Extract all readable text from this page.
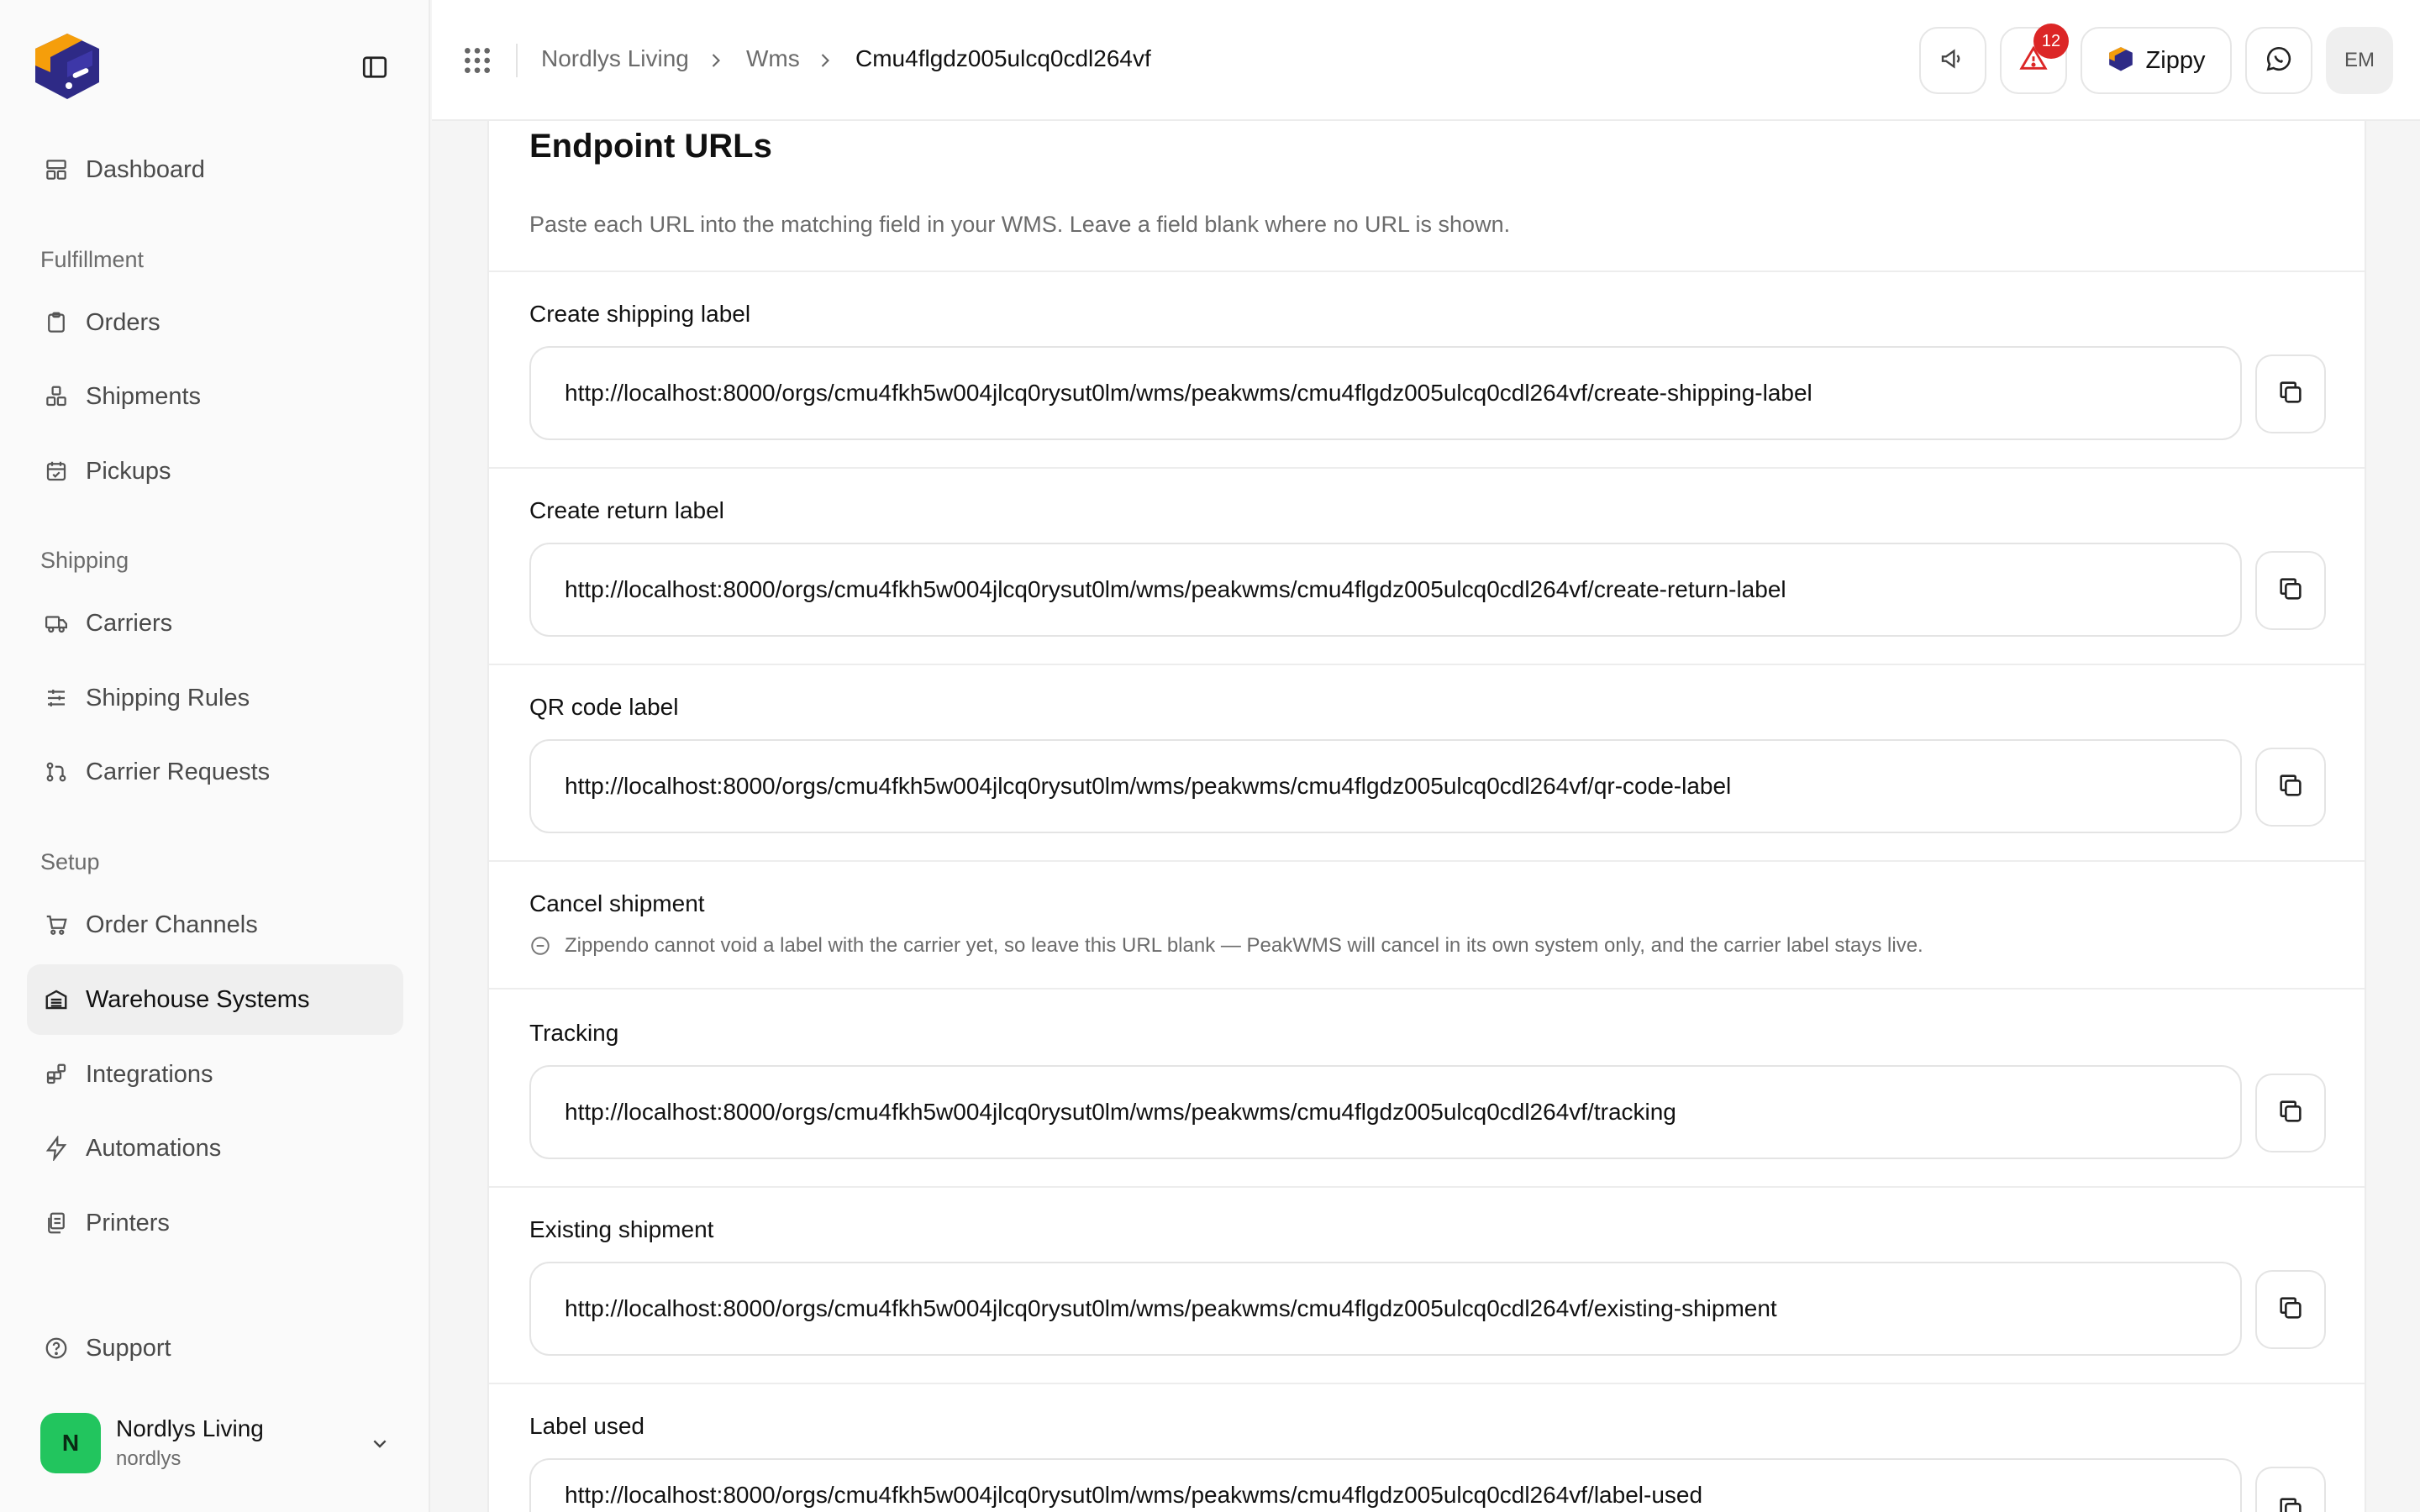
Dashboard
Fulfillment
Orders
Shipments
Pickups
Shipping
Carriers
Shipping Rules
Carrier Requests
Setup
Order Channels
Warehouse Systems
Integrations
Automations
Printers
Support
N
Nordlys Living
nordlys
Nordlys Living Wms Cmu4flgdz005ulcq0cdl264vf
12
Zippy	EM
Endpoint URLs

Paste each URL into the matching field in your WMS. Leave a field blank where no URL is shown.

Create shipping label
http://localhost:8000/orgs/cmu4fkh5w004jlcq0rysut0lm/wms/peakwms/cmu4flgdz005ulcq0cdl264vf/create-shipping-label
Create return label
http://localhost:8000/orgs/cmu4fkh5w004jlcq0rysut0lm/wms/peakwms/cmu4flgdz005ulcq0cdl264vf/create-return-label
QR code label
http://localhost:8000/orgs/cmu4fkh5w004jlcq0rysut0lm/wms/peakwms/cmu4flgdz005ulcq0cdl264vf/qr-code-label
Cancel shipment
Zippendo cannot void a label with the carrier yet, so leave this URL blank — PeakWMS will cancel in its own system only, and the carrier label stays live.
Tracking
http://localhost:8000/orgs/cmu4fkh5w004jlcq0rysut0lm/wms/peakwms/cmu4flgdz005ulcq0cdl264vf/tracking
Existing shipment
http://localhost:8000/orgs/cmu4fkh5w004jlcq0rysut0lm/wms/peakwms/cmu4flgdz005ulcq0cdl264vf/existing-shipment
Label used
http://localhost:8000/orgs/cmu4fkh5w004jlcq0rysut0lm/wms/peakwms/cmu4flgdz005ulcq0cdl264vf/label-used
